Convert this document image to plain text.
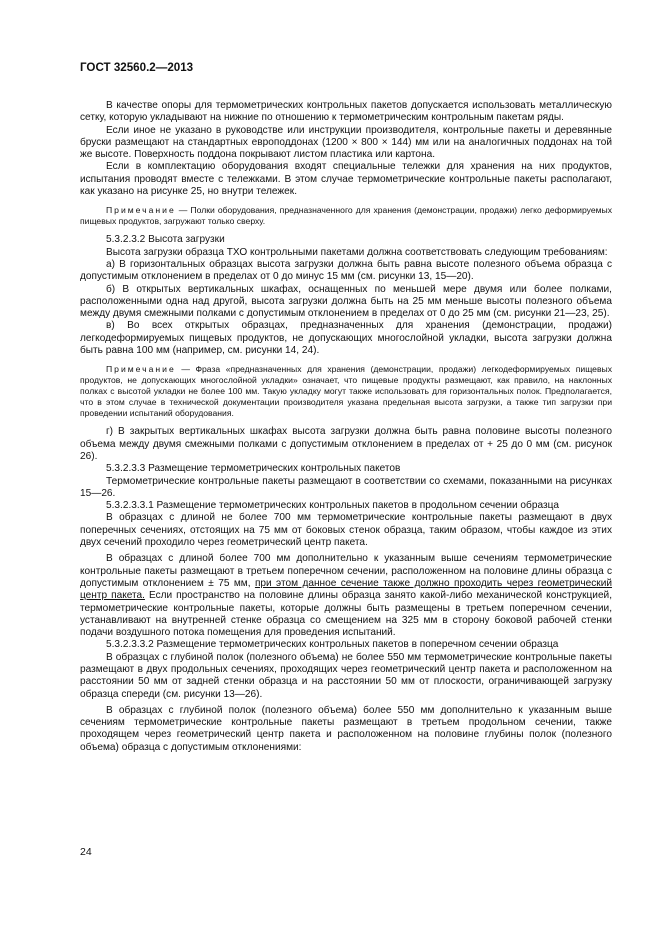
ГОСТ 32560.2—2013

В качестве опоры для термометрических контрольных пакетов допускается использовать металлическую сетку, которую укладывают на нижние по отношению к термометрическим контрольным пакетам ряды.

Если иное не указано в руководстве или инструкции производителя, контрольные пакеты и деревянные бруски размещают на стандартных европоддонах (1200 × 800 × 144) мм или на аналогичных поддонах на той же высоте. Поверхность поддона покрывают листом пластика или картона.

Если в комплектацию оборудования входят специальные тележки для хранения на них продуктов, испытания проводят вместе с тележками. В этом случае термометрические контрольные пакеты располагают, как указано на рисунке 25, но внутри тележек.

Примечание — Полки оборудования, предназначенного для хранения (демонстрации, продажи) легко деформируемых пищевых продуктов, загружают только сверху.

5.3.2.3.2 Высота загрузки

Высота загрузки образца ТХО контрольными пакетами должна соответствовать следующим требованиям:

а) В горизонтальных образцах высота загрузки должна быть равна высоте полезного объема образца с допустимым отклонением в пределах от 0 до минус 15 мм (см. рисунки 13, 15—20).

б) В открытых вертикальных шкафах, оснащенных по меньшей мере двумя или более полками, расположенными одна над другой, высота загрузки должна быть на 25 мм меньше высоты полезного объема между двумя смежными полками с допустимым отклонением в пределах от 0 до 25 мм (см. рисунки 21—23, 25).

в) Во всех открытых образцах, предназначенных для хранения (демонстрации, продажи) легкодеформируемых пищевых продуктов, не допускающих многослойной укладки, высота загрузки должна быть равна 100 мм (например, см. рисунки 14, 24).

Примечание — Фраза «предназначенных для хранения (демонстрации, продажи) легкодеформируемых пищевых продуктов, не допускающих многослойной укладки» означает, что пищевые продукты размещают, как правило, на наклонных полках с высотой укладки не более 100 мм. Такую укладку могут также использовать для горизонтальных полок. Предполагается, что в этом случае в технической документации производителя указана предельная высота загрузки, а также тип загрузки при проведении испытаний оборудования.

г) В закрытых вертикальных шкафах высота загрузки должна быть равна половине высоты полезного объема между двумя смежными полками с допустимым отклонением в пределах от + 25 до 0 мм (см. рисунок 26).

5.3.2.3.3 Размещение термометрических контрольных пакетов

Термометрические контрольные пакеты размещают в соответствии со схемами, показанными на рисунках 15—26.

5.3.2.3.3.1 Размещение термометрических контрольных пакетов в продольном сечении образца

В образцах с длиной не более 700 мм термометрические контрольные пакеты размещают в двух поперечных сечениях, отстоящих на 75 мм от боковых стенок образца, таким образом, чтобы каждое из этих двух сечений проходило через геометрический центр пакета.

В образцах с длиной более 700 мм дополнительно к указанным выше сечениям термометрические контрольные пакеты размещают в третьем поперечном сечении, расположенном на половине длины образца с допустимым отклонением ± 75 мм, при этом данное сечение также должно проходить через геометрический центр пакета. Если пространство на половине длины образца занято какой-либо механической конструкцией, термометрические контрольные пакеты, которые должны быть размещены в третьем поперечном сечении, устанавливают на внутренней стенке образца со смещением на 325 мм в сторону боковой рабочей стенки подачи воздушного потока помещения для проведения испытаний.

5.3.2.3.3.2 Размещение термометрических контрольных пакетов в поперечном сечении образца

В образцах с глубиной полок (полезного объема) не более 550 мм термометрические контрольные пакеты размещают в двух продольных сечениях, проходящих через геометрический центр пакета и расположенном на расстоянии 50 мм от задней стенки образца и на расстоянии 50 мм от плоскости, ограничивающей загрузку образца спереди (см. рисунки 13—26).

В образцах с глубиной полок (полезного объема) более 550 мм дополнительно к указанным выше сечениям термометрические контрольные пакеты размещают в третьем продольном сечении, также проходящем через геометрический центр пакета и расположенном на половине глубины полок (полезного объема) образца с допустимым отклонениями:

24
